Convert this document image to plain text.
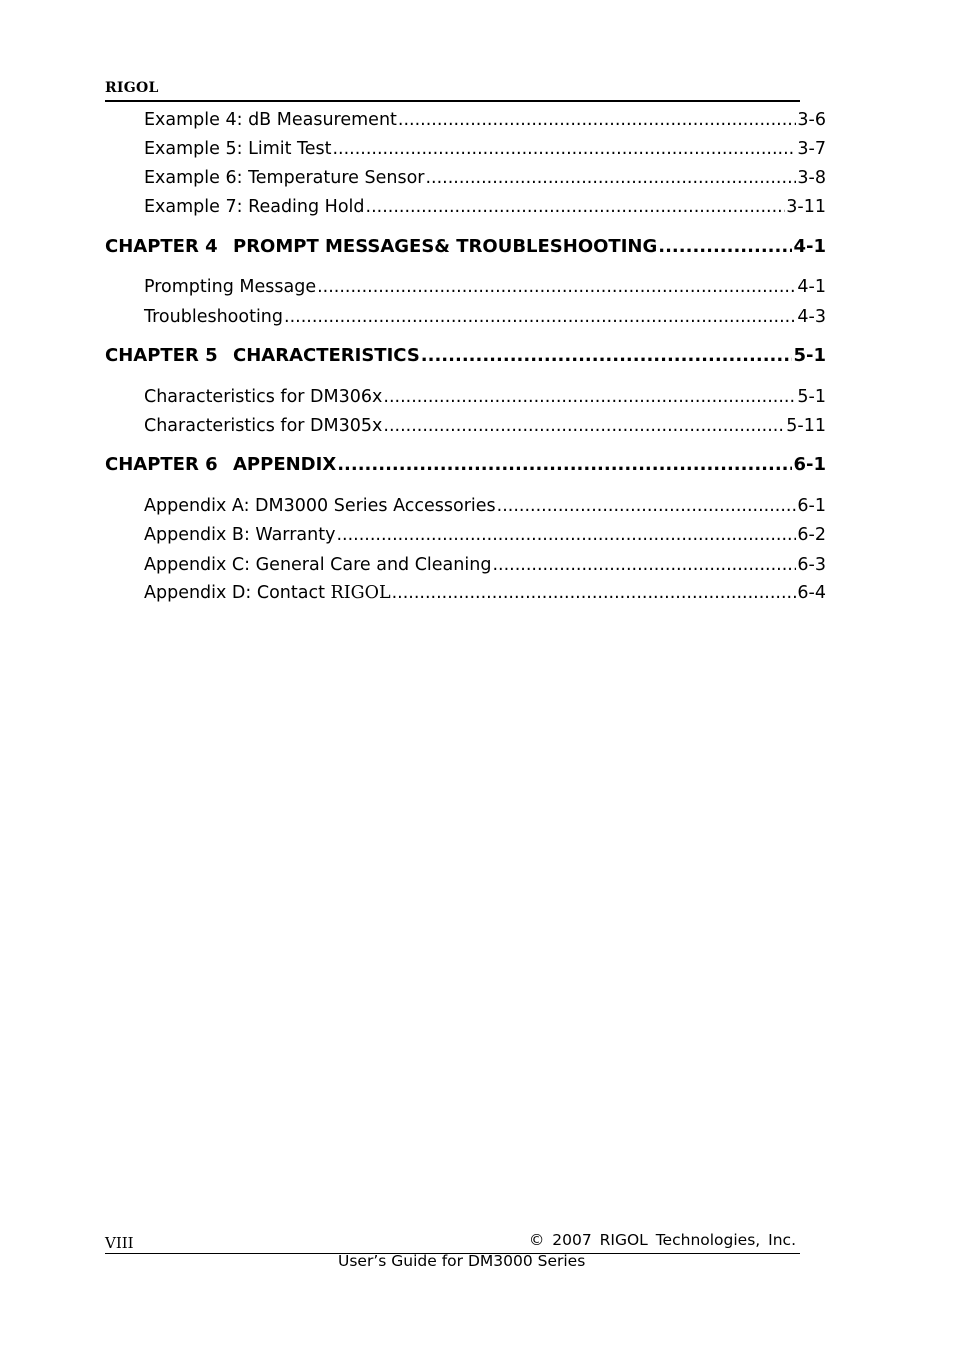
RIGOL
Example 4: dB Measurement .....	3-6
Example 5: Limit Test .....	3-7
Example 6: Temperature Sensor .....	3-8
Example 7: Reading Hold .....	3-11
CHAPTER 4 PROMPT MESSAGES& TROUBLESHOOTING .....	4-1
Prompting Message .....	4-1
Troubleshooting .....	4-3
CHAPTER 5 CHARACTERISTICS .....	5-1
Characteristics for DM306x .....	5-1
Characteristics for DM305x .....	5-11
CHAPTER 6 APPENDIX .....	6-1
Appendix A: DM3000 Series Accessories .....	6-1
Appendix B: Warranty .....	6-2
Appendix C: General Care and Cleaning .....	6-3
Appendix D: Contact RIGOL .....	6-4
VIII	© 2007 RIGOL Technologies, Inc.
User’s Guide for DM3000 Series
